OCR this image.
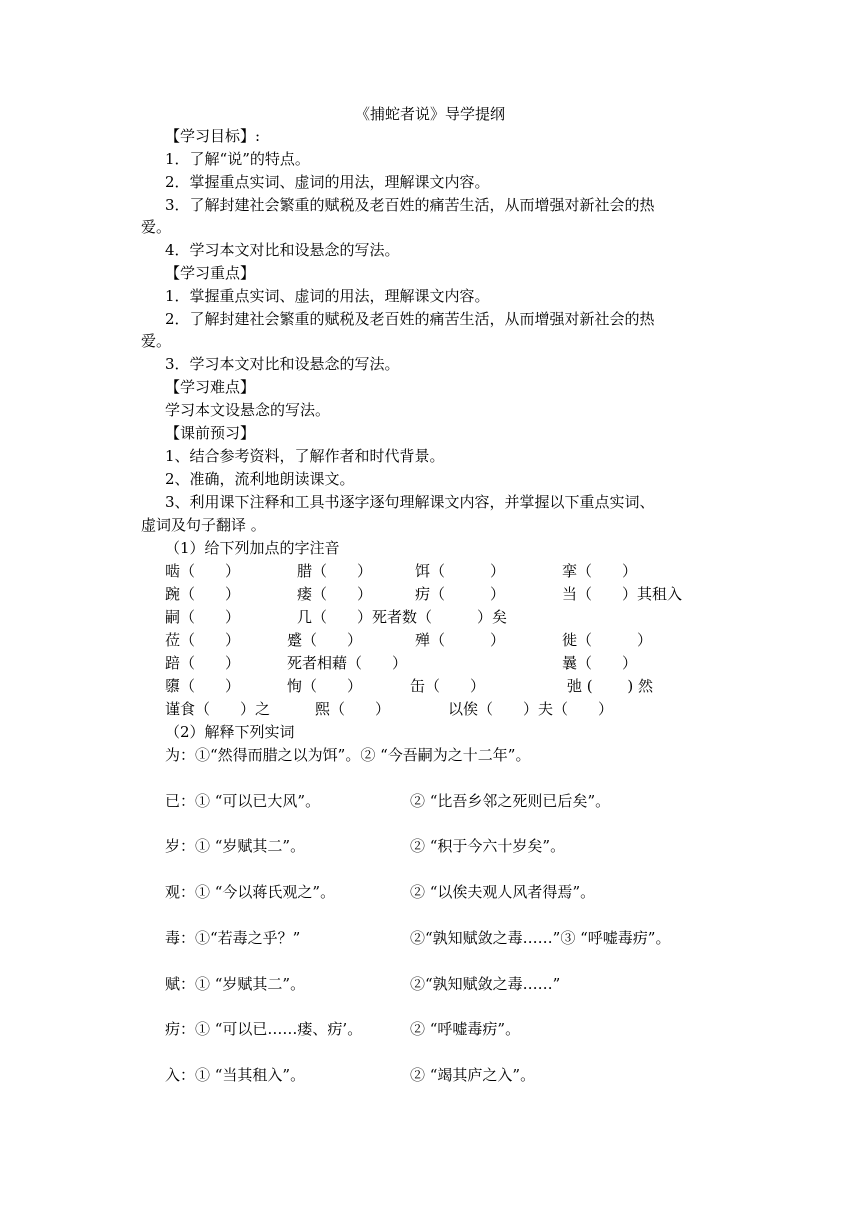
《捕蛇者说》导学提纲
【学习目标】:
1．了解“说”的特点。
2．掌握重点实词、虚词的用法，理解课文内容。
3．了解封建社会繁重的赋税及老百姓的痛苦生活，从而增强对新社会的热
爱。
4．学习本文对比和设悬念的写法。
【学习重点】
1．掌握重点实词、虚词的用法，理解课文内容。
2．了解封建社会繁重的赋税及老百姓的痛苦生活，从而增强对新社会的热
爱。
3．学习本文对比和设悬念的写法。
【学习难点】
学习本文设悬念的写法。
【课前预习】
1、结合参考资料，了解作者和时代背景。
2、准确，流利地朗读课文。
3、利用课下注释和工具书逐字逐句理解课文内容，并掌握以下重点实词、
虚词及句子翻译 。
（1）给下列加点的字注音
啮（　　）	腊（　　）	饵（　　　）	挛（　　）
踠（　　）	瘘（　　）	疠（　　　）	当（　　）其租入
嗣（　　）	几（　　）死者数（　　　）矣
莅（　　）	蹙（　　）	殚（　　　）	徙（　　　）
踣（　　）	死者相藉（　　）	曩（　　）
隳（　　）	恂（　　）	缶（　　）	弛 (　　 ) 然
谨食（　　）之	熙（　　）	以俟（　　）夫（　　）
（2）解释下列实词
为：①“然得而腊之以为饵”。② “今吾嗣为之十二年”。
已：① “可以已大风”。	② “比吾乡邻之死则已后矣”。
岁：① “岁赋其二”。	② “积于今六十岁矣”。
观：① “今以蒋氏观之”。	② “以俟夫观人风者得焉”。
毒：①“若毒之乎？”	②“孰知赋敛之毒……”③ “呼嘘毒疠”。
赋：① “岁赋其二”。	②“孰知赋敛之毒……”
疠：① “可以已……瘘、疠’。	② “呼嘘毒疠”。
入：① “当其租入”。	② “竭其庐之入”。
